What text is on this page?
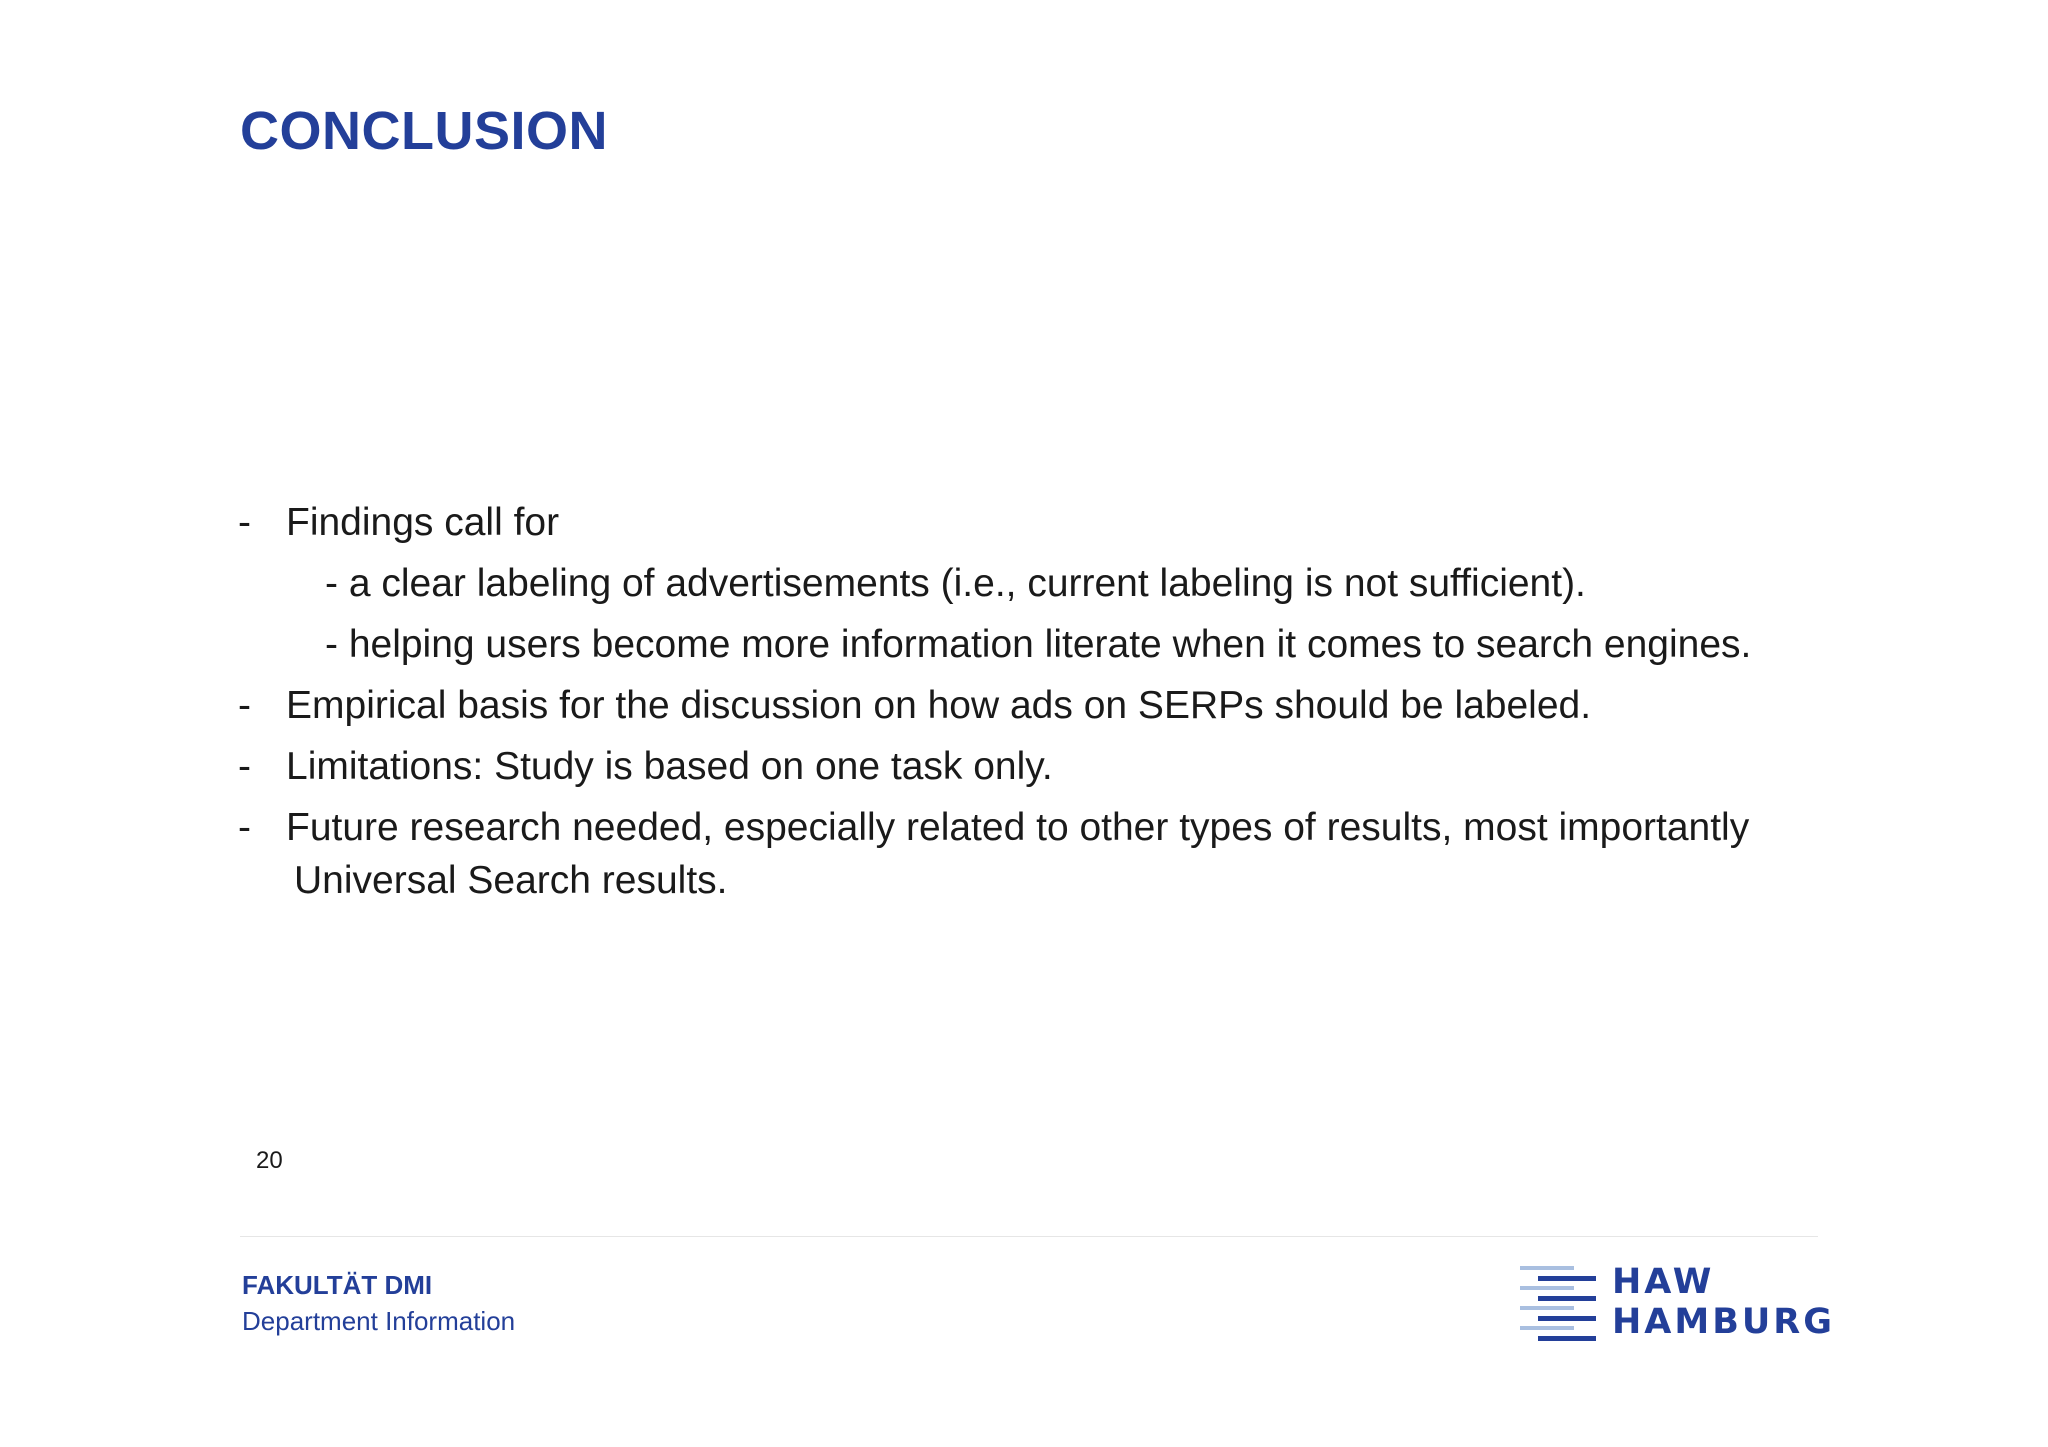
CONCLUSION
- Findings call for
- a clear labeling of advertisements (i.e., current labeling is not sufficient).
- helping users become more information literate when it comes to search engines.
- Empirical basis for the discussion on how ads on SERPs should be labeled.
- Limitations: Study is based on one task only.
- Future research needed, especially related to other types of results, most importantly
Universal Search results.
20
FAKULTÄT DMI
Department Information
HAW
HAMBURG
